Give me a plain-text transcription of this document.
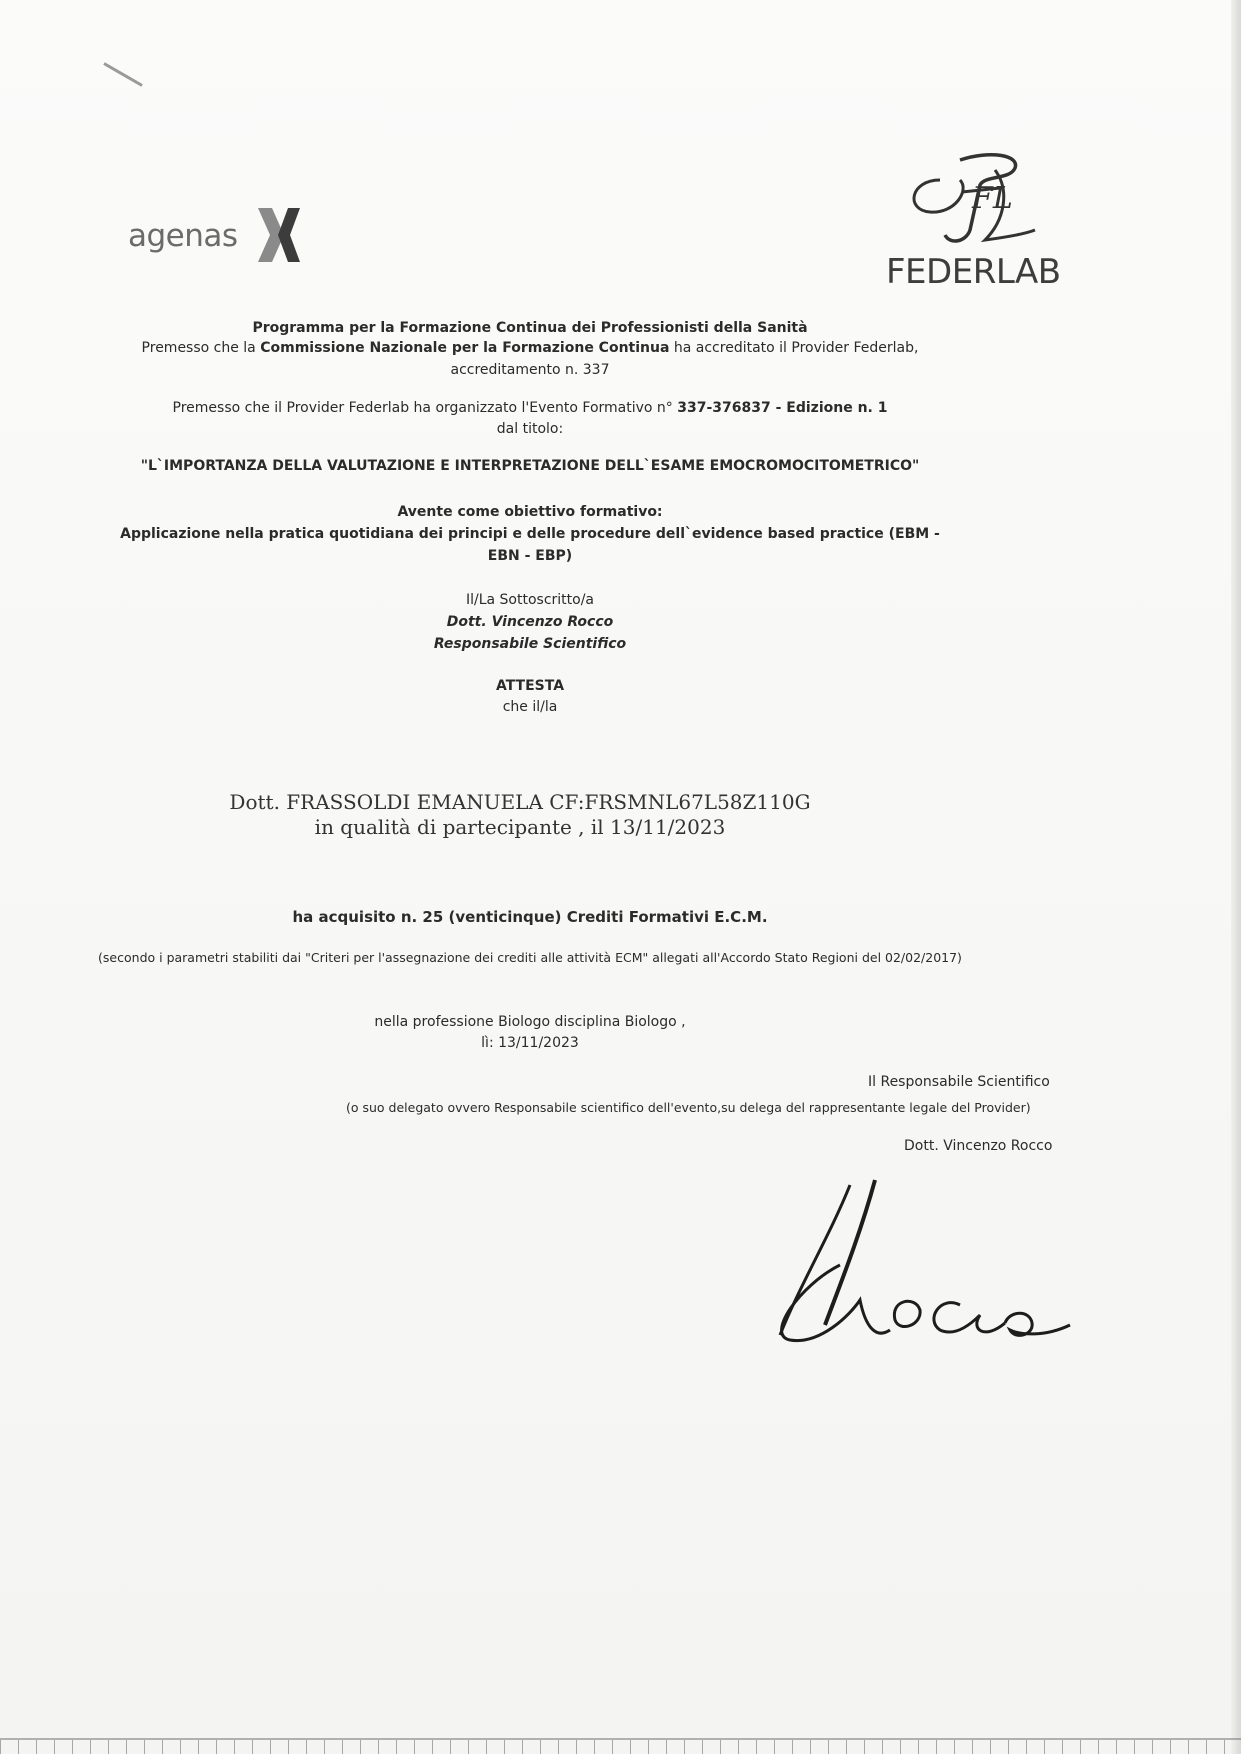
agenas
FL
FEDERLAB
Programma per la Formazione Continua dei Professionisti della Sanità
Premesso che la Commissione Nazionale per la Formazione Continua ha accreditato il Provider Federlab,
accreditamento n. 337
Premesso che il Provider Federlab ha organizzato l'Evento Formativo n° 337-376837 - Edizione n. 1
dal titolo:
"L`IMPORTANZA DELLA VALUTAZIONE E INTERPRETAZIONE DELL`ESAME EMOCROMOCITOMETRICO"
Avente come obiettivo formativo:
Applicazione nella pratica quotidiana dei principi e delle procedure dell`evidence based practice (EBM -
EBN - EBP)
Il/La Sottoscritto/a
Dott. Vincenzo Rocco
Responsabile Scientifico
ATTESTA
che il/la
Dott. FRASSOLDI EMANUELA CF:FRSMNL67L58Z110G
in qualità di partecipante , il 13/11/2023
ha acquisito n. 25 (venticinque) Crediti Formativi E.C.M.
(secondo i parametri stabiliti dai "Criteri per l'assegnazione dei crediti alle attività ECM" allegati all'Accordo Stato Regioni del 02/02/2017)
nella professione Biologo disciplina Biologo ,
lì: 13/11/2023
Il Responsabile Scientifico
(o suo delegato ovvero Responsabile scientifico dell'evento,su delega del rappresentante legale del Provider)
Dott. Vincenzo Rocco
